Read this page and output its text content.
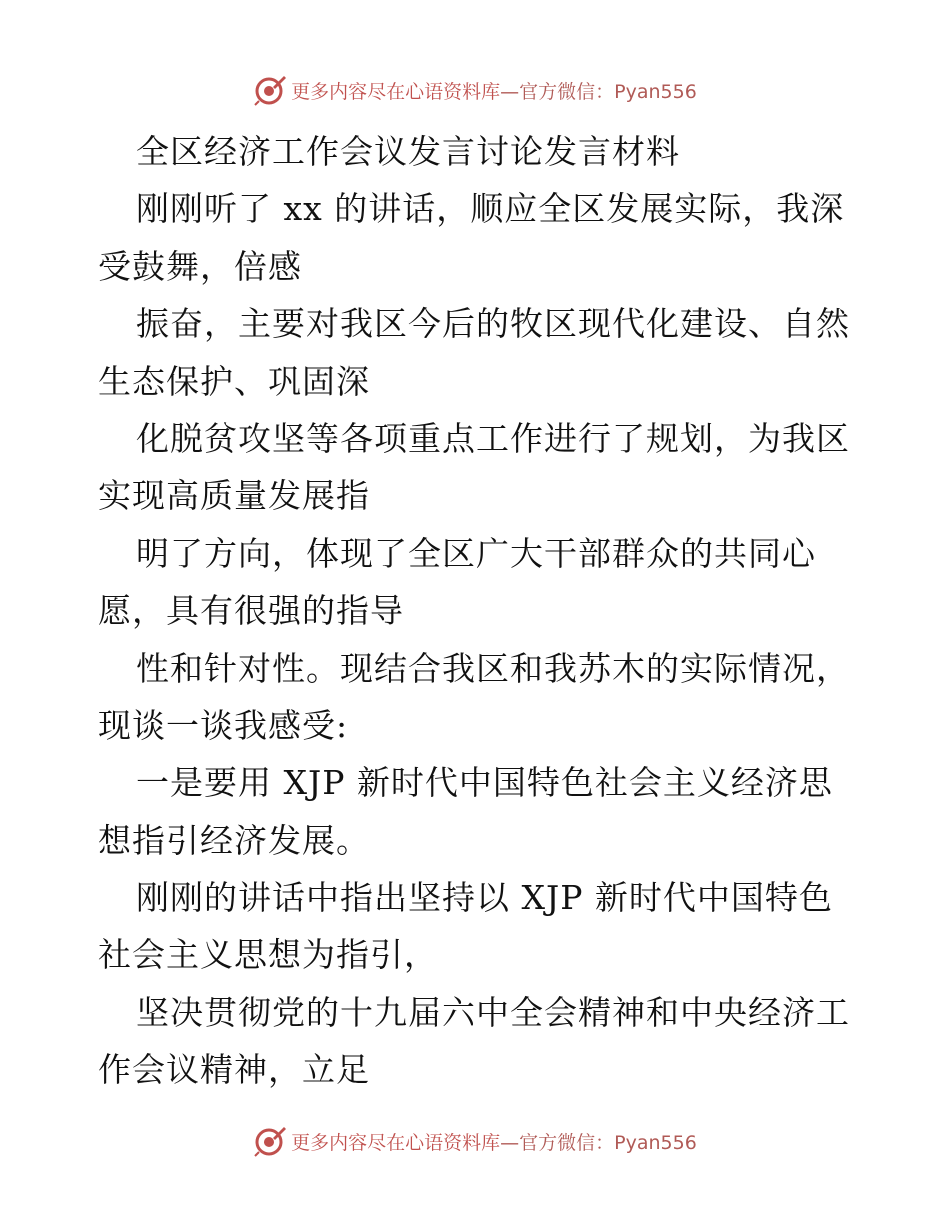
更多内容尽在心语资料库—官方微信：Pyan556
全区经济工作会议发言讨论发言材料
刚刚听了 xx 的讲话，顺应全区发展实际，我深
受鼓舞，倍感
振奋，主要对我区今后的牧区现代化建设、自然
生态保护、巩固深
化脱贫攻坚等各项重点工作进行了规划，为我区
实现高质量发展指
明了方向，体现了全区广大干部群众的共同心
愿，具有很强的指导
性和针对性。现结合我区和我苏木的实际情况，
现谈一谈我感受:
一是要用 XJP 新时代中国特色社会主义经济思
想指引经济发展。
刚刚的讲话中指出坚持以 XJP 新时代中国特色
社会主义思想为指引，
坚决贯彻党的十九届六中全会精神和中央经济工
作会议精神，立足
更多内容尽在心语资料库—官方微信：Pyan556
